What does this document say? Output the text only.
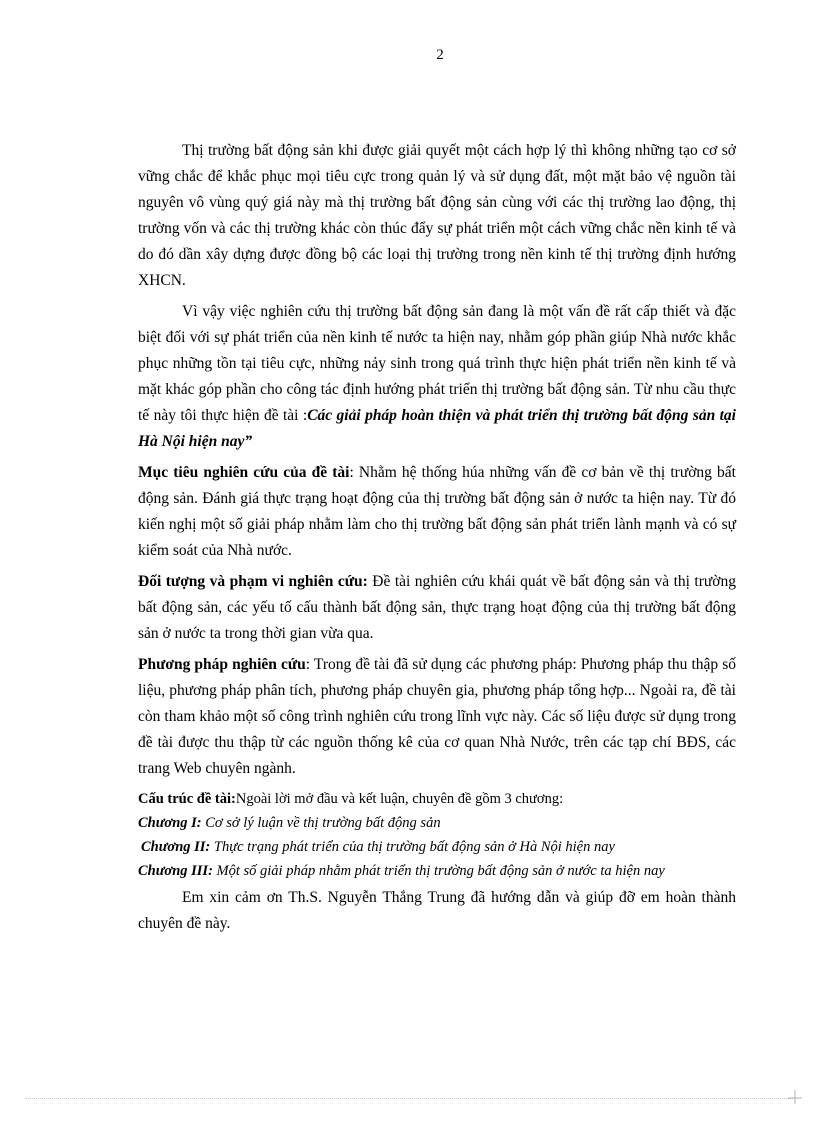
2

Thị trường bất động sản khi được giải quyết một cách hợp lý thì không những tạo cơ sở vững chắc để khắc phục mọi tiêu cực trong quản lý và sử dụng đất, một mặt bảo vệ nguồn tài nguyên vô vùng quý giá này mà thị trường bất động sản cùng với các thị trường lao động, thị trường vốn và các thị trường khác còn thúc đẩy sự phát triển một cách vững chắc nền kinh tế và do đó dần xây dựng được đồng bộ các loại thị trường trong nền kinh tế thị trường định hướng XHCN.

Vì vậy việc nghiên cứu thị trường bất động sản đang là một vấn đề rất cấp thiết và đặc biệt đối với sự phát triển của nền kinh tế nước ta hiện nay, nhằm góp phần giúp Nhà nước khắc phục những tồn tại tiêu cực, những nảy sinh trong quá trình thực hiện phát triển nền kinh tế và mặt khác góp phần cho công tác định hướng phát triển thị trường bất động sản. Từ nhu cầu thực tế này tôi thực hiện đề tài :Các giải pháp hoàn thiện và phát triển thị trường bất động sản tại Hà Nội hiện nay”

Mục tiêu nghiên cứu của đề tài: Nhằm hệ thống húa những vấn đề cơ bản về thị trường bất động sản. Đánh giá thực trạng hoạt động của thị trường bất động sản ở nước ta hiện nay. Từ đó kiến nghị một số giải pháp nhằm làm cho thị trường bất động sản phát triển lành mạnh và có sự kiểm soát của Nhà nước.

Đối tượng và phạm vi nghiên cứu: Đề tài nghiên cứu khái quát về bất động sản và thị trường bất động sản, các yếu tố cấu thành bất động sản, thực trạng hoạt động của thị trường bất động sản ở nước ta trong thời gian vừa qua.

Phương pháp nghiên cứu: Trong đề tài đã sử dụng các phương pháp: Phương pháp thu thập số liệu, phương pháp phân tích, phương pháp chuyên gia, phương pháp tổng hợp... Ngoài ra, đề tài còn tham khảo một số công trình nghiên cứu trong lĩnh vực này. Các số liệu được sử dụng trong đề tài được thu thập từ các nguồn thống kê của cơ quan Nhà Nước, trên các tạp chí BĐS, các trang Web chuyên ngành.

Cấu trúc đề tài:Ngoài lời mở đầu và kết luận, chuyên đề gồm 3 chương:

Chương I: Cơ sở lý luận về thị trường bất động sản

Chương II: Thực trạng phát triển của thị trường bất động sản ở Hà Nội hiện nay

Chương III: Một số giải pháp nhằm phát triển thị trường bất động sản ở nước ta hiện nay

Em xin cảm ơn Th.S. Nguyễn Thắng Trung đã hướng dẫn và giúp đỡ em hoàn thành chuyên đề này.
